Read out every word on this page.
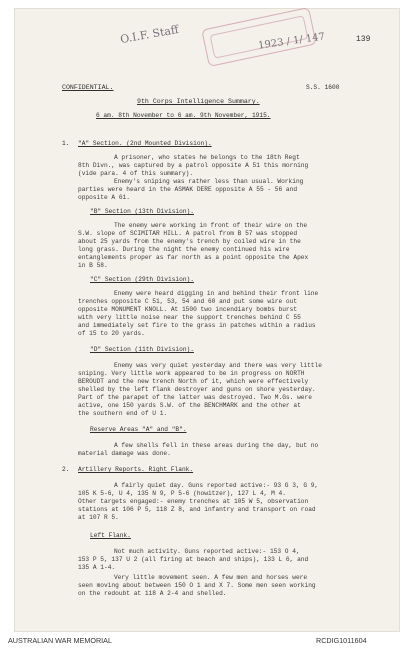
1923 / 1/ 147
O.I.F. Staff	139
CONFIDENTIAL.	S.S. 1600
9th Corps Intelligence Summary.
6 am. 8th November to 6 am. 9th November, 1915.
1. "A" Section. (2nd Mounted Division).
A prisoner, who states he belongs to the 18th Regt
8th Divn., was captured by a patrol opposite A 51 this morning
(vide para. 4 of this summary).
Enemy's sniping was rather less than usual. Working
parties were heard in the ASMAK DERE opposite A 55 - 56 and
opposite A 61.
"B" Section (13th Division).
The enemy were working in front of their wire on the
S.W. slope of SCIMITAR HILL. A patrol from B 57 was stopped
about 25 yards from the enemy's trench by coiled wire in the
long grass. During the night the enemy continued his wire
entanglements proper as far north as a point opposite the Apex
in B 58.
"C" Section (29th Division).
Enemy were heard digging in and behind their front line
trenches opposite C 51, 53, 54 and 60 and put some wire out
opposite MONUMENT KNOLL. At 1500 two incendiary bombs burst
with very little noise near the support trenches behind C 55
and immediately set fire to the grass in patches within a radius
of 15 to 20 yards.
"D" Section (11th Division).
Enemy was very quiet yesterday and there was very little
sniping. Very little work appeared to be in progress on NORTH
BEROUDT and the new trench North of it, which were effectively
shelled by the left flank destroyer and guns on shore yesterday.
Part of the parapet of the latter was destroyed. Two M.Gs. were
active, one 150 yards S.W. of the BENCHMARK and the other at
the southern end of U 1.
Reserve Areas "A" and "B".
A few shells fell in these areas during the day, but no
material damage was done.
2. Artillery Reports. Right Flank.
A fairly quiet day. Guns reported active:- 93 G 3, G 9,
105 K 5-6, U 4, 135 N 9, P 5-6 (howitzer), 127 L 4, M 4.
Other targets engaged:- enemy trenches at 105 W 5, observation
stations at 106 P 5, 118 Z 8, and infantry and transport on road
at 107 R 5.
Left Flank.
Not much activity. Guns reported active:- 153 O 4,
153 P 5, 137 U 2 (all firing at beach and ships), 133 L 6, and
135 A 1-4.
Very little movement seen. A few men and horses were
seen moving about between 150 O 1 and X 7. Some men seen working
on the redoubt at 118 A 2-4 and shelled.
AUSTRALIAN WAR MEMORIAL	RCDIG1011604
